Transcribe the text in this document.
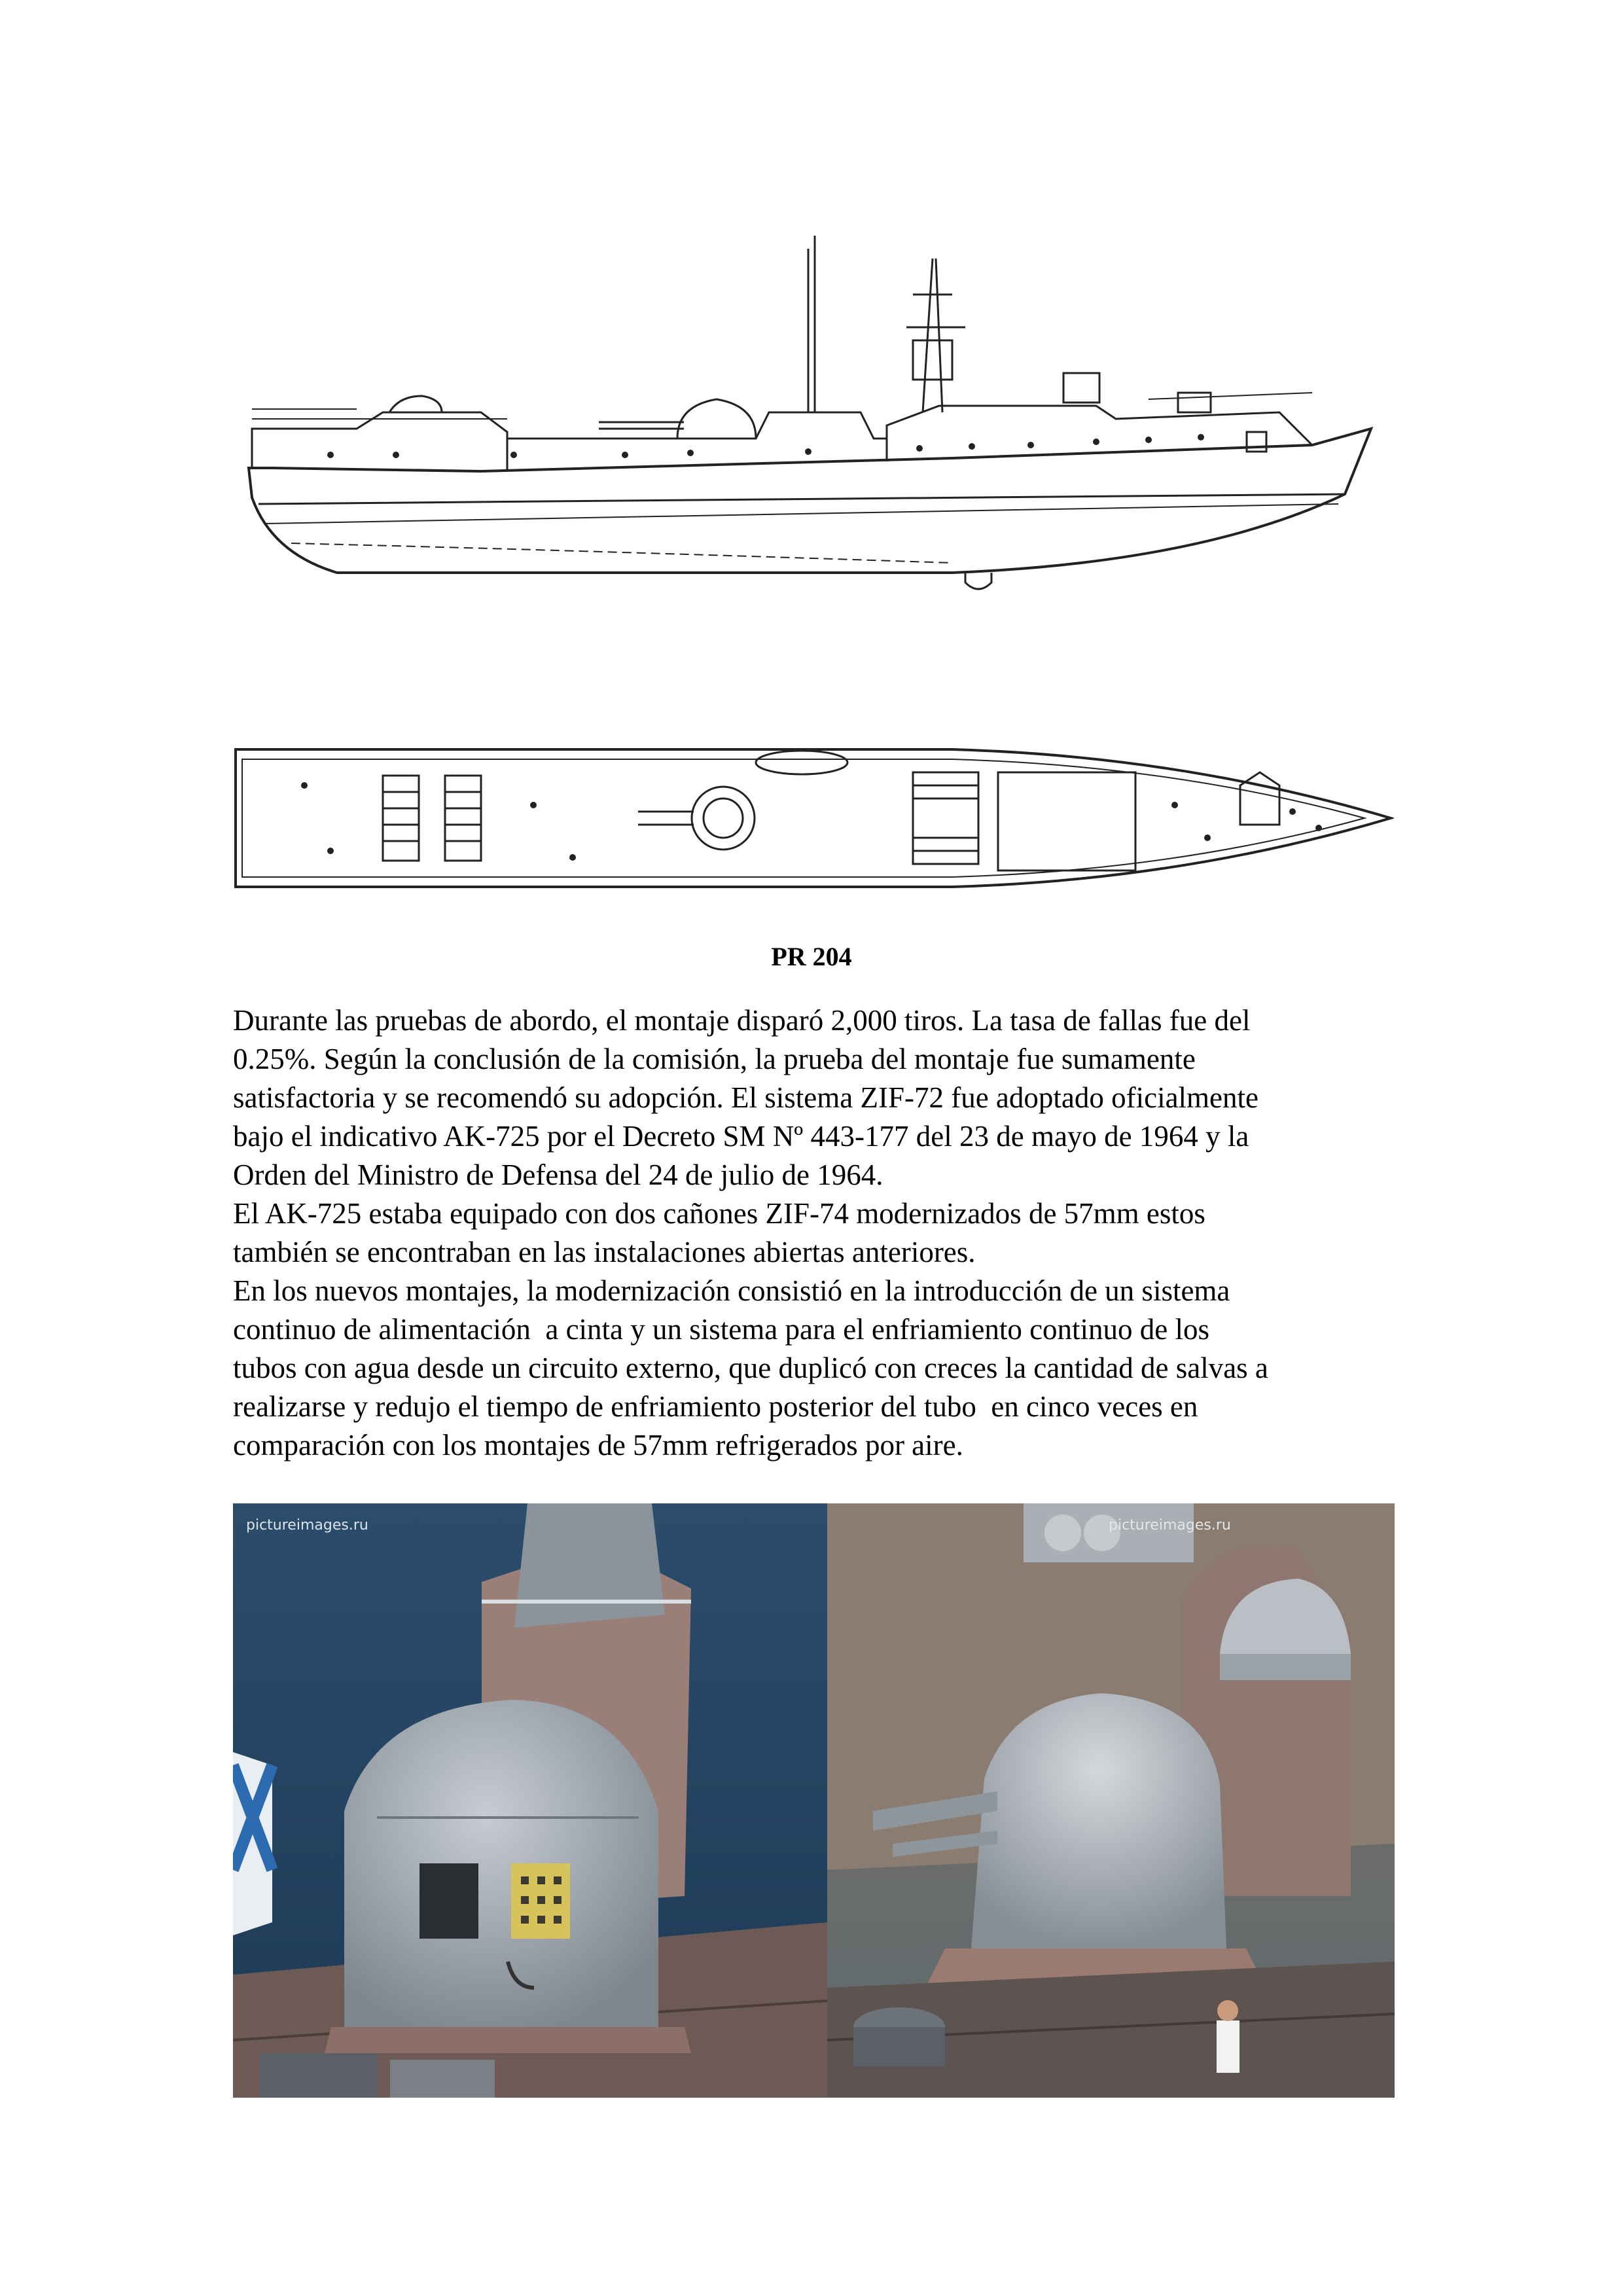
PR 204

Durante las pruebas de abordo, el montaje disparó 2,000 tiros. La tasa de fallas fue del
0.25%. Según la conclusión de la comisión, la prueba del montaje fue sumamente
satisfactoria y se recomendó su adopción. El sistema ZIF-72 fue adoptado oficialmente
bajo el indicativo AK-725 por el Decreto SM Nº 443-177 del 23 de mayo de 1964 y la
Orden del Ministro de Defensa del 24 de julio de 1964.

El AK-725 estaba equipado con dos cañones ZIF-74 modernizados de 57mm estos
también se encontraban en las instalaciones abiertas anteriores.

En los nuevos montajes, la modernización consistió en la introducción de un sistema
continuo de alimentación  a cinta y un sistema para el enfriamiento continuo de los
tubos con agua desde un circuito externo, que duplicó con creces la cantidad de salvas a
realizarse y redujo el tiempo de enfriamiento posterior del tubo  en cinco veces en
comparación con los montajes de 57mm refrigerados por aire.

pictureimages.ru	pictureimages.ru
